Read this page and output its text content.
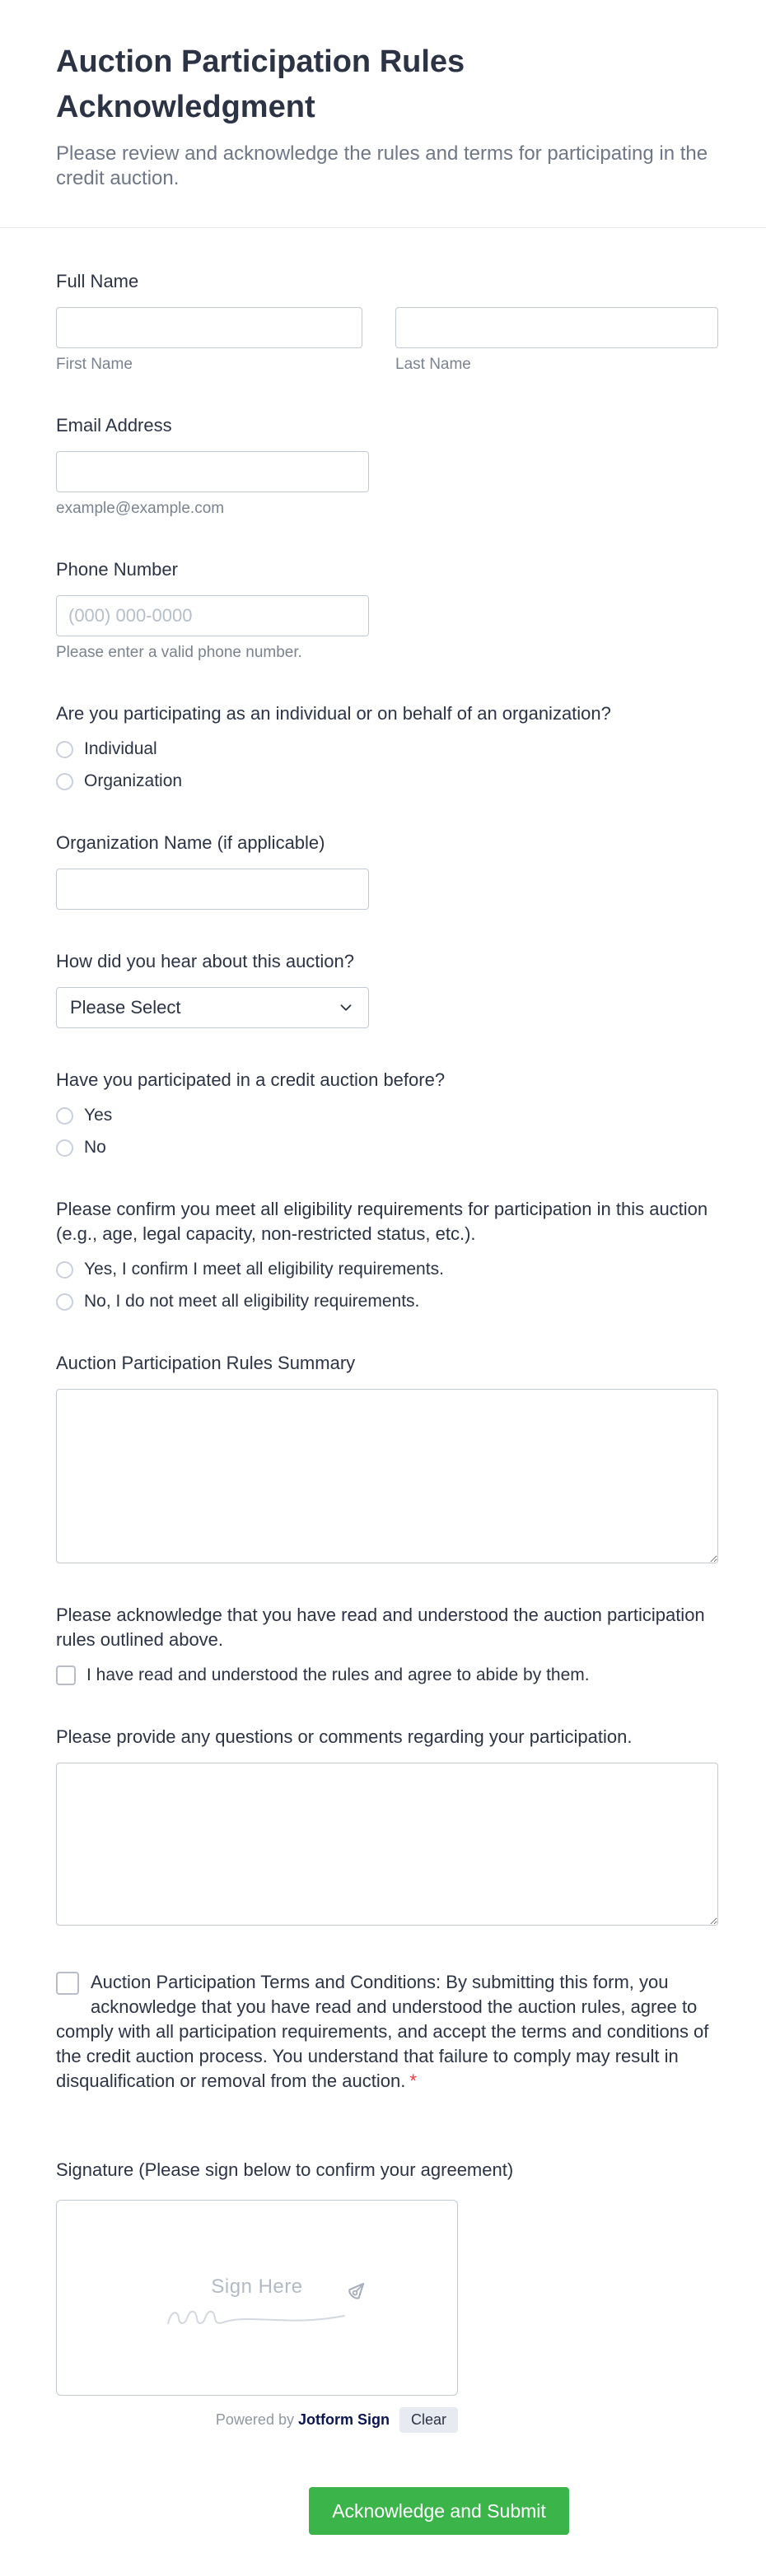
Auction Participation Rules Acknowledgment

Please review and acknowledge the rules and terms for participating in the credit auction.

Full Name
First Name	Last Name
Email Address
example@example.com
Phone Number
(000) 000-0000
Please enter a valid phone number.
Are you participating as an individual or on behalf of an organization?
Individual
Organization
Organization Name (if applicable)
How did you hear about this auction?
Please Select
Have you participated in a credit auction before?
Yes
No
Please confirm you meet all eligibility requirements for participation in this auction (e.g., age, legal capacity, non-restricted status, etc.).
Yes, I confirm I meet all eligibility requirements.
No, I do not meet all eligibility requirements.
Auction Participation Rules Summary
Please acknowledge that you have read and understood the auction participation rules outlined above.
I have read and understood the rules and agree to abide by them.
Please provide any questions or comments regarding your participation.
Auction Participation Terms and Conditions: By submitting this form, you acknowledge that you have read and understood the auction rules, agree to comply with all participation requirements, and accept the terms and conditions of the credit auction process. You understand that failure to comply may result in disqualification or removal from the auction. *
Signature (Please sign below to confirm your agreement)
Sign Here
Powered by Jotform Sign	Clear
Acknowledge and Submit
